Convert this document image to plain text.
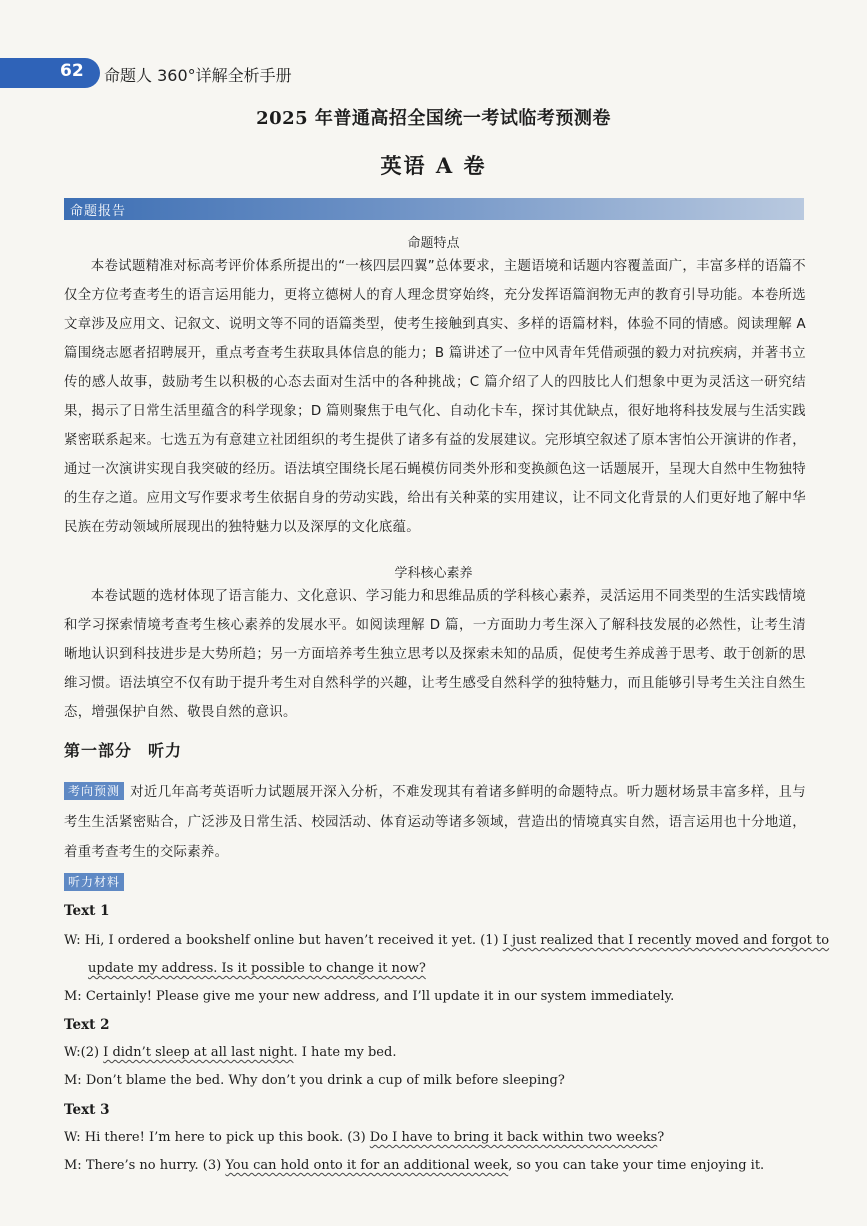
62 命题人 360°详解全析手册
2025 年普通高招全国统一考试临考预测卷
英语 A 卷
命题报告
命题特点

本卷试题精准对标高考评价体系所提出的“一核四层四翼”总体要求，主题语境和话题内容覆盖面广，丰富多样的语篇不仅全方位考查考生的语言运用能力，更将立德树人的育人理念贯穿始终，充分发挥语篇润物无声的教育引导功能。本卷所选文章涉及应用文、记叙文、说明文等不同的语篇类型，使考生接触到真实、多样的语篇材料，体验不同的情感。阅读理解 A 篇围绕志愿者招聘展开，重点考查考生获取具体信息的能力；B 篇讲述了一位中风青年凭借顽强的毅力对抗疾病，并著书立传的感人故事，鼓励考生以积极的心态去面对生活中的各种挑战；C 篇介绍了人的四肢比人们想象中更为灵活这一研究结果，揭示了日常生活里蕴含的科学现象；D 篇则聚焦于电气化、自动化卡车，探讨其优缺点，很好地将科技发展与生活实践紧密联系起来。七选五为有意建立社团组织的考生提供了诸多有益的发展建议。完形填空叙述了原本害怕公开演讲的作者，通过一次演讲实现自我突破的经历。语法填空围绕长尾石蝇模仿同类外形和变换颜色这一话题展开，呈现大自然中生物独特的生存之道。应用文写作要求考生依据自身的劳动实践，给出有关种菜的实用建议，让不同文化背景的人们更好地了解中华民族在劳动领域所展现出的独特魅力以及深厚的文化底蕴。

学科核心素养

本卷试题的选材体现了语言能力、文化意识、学习能力和思维品质的学科核心素养，灵活运用不同类型的生活实践情境和学习探索情境考查考生核心素养的发展水平。如阅读理解 D 篇，一方面助力考生深入了解科技发展的必然性，让考生清晰地认识到科技进步是大势所趋；另一方面培养考生独立思考以及探索未知的品质，促使考生养成善于思考、敢于创新的思维习惯。语法填空不仅有助于提升考生对自然科学的兴趣，让考生感受自然科学的独特魅力，而且能够引导考生关注自然生态，增强保护自然、敬畏自然的意识。

第一部分 听力

考向预测 对近几年高考英语听力试题展开深入分析，不难发现其有着诸多鲜明的命题特点。听力题材场景丰富多样，且与考生生活紧密贴合，广泛涉及日常生活、校园活动、体育运动等诸多领域，营造出的情境真实自然，语言运用也十分地道，着重考查考生的交际素养。

听力材料
Text 1
W: Hi, I ordered a bookshelf online but haven’t received it yet. (1) I just realized that I recently moved and forgot to
update my address. Is it possible to change it now?
M: Certainly! Please give me your new address, and I’ll update it in our system immediately.
Text 2
W:(2) I didn’t sleep at all last night. I hate my bed.
M: Don’t blame the bed. Why don’t you drink a cup of milk before sleeping?
Text 3
W: Hi there! I’m here to pick up this book. (3) Do I have to bring it back within two weeks?
M: There’s no hurry. (3) You can hold onto it for an additional week, so you can take your time enjoying it.
